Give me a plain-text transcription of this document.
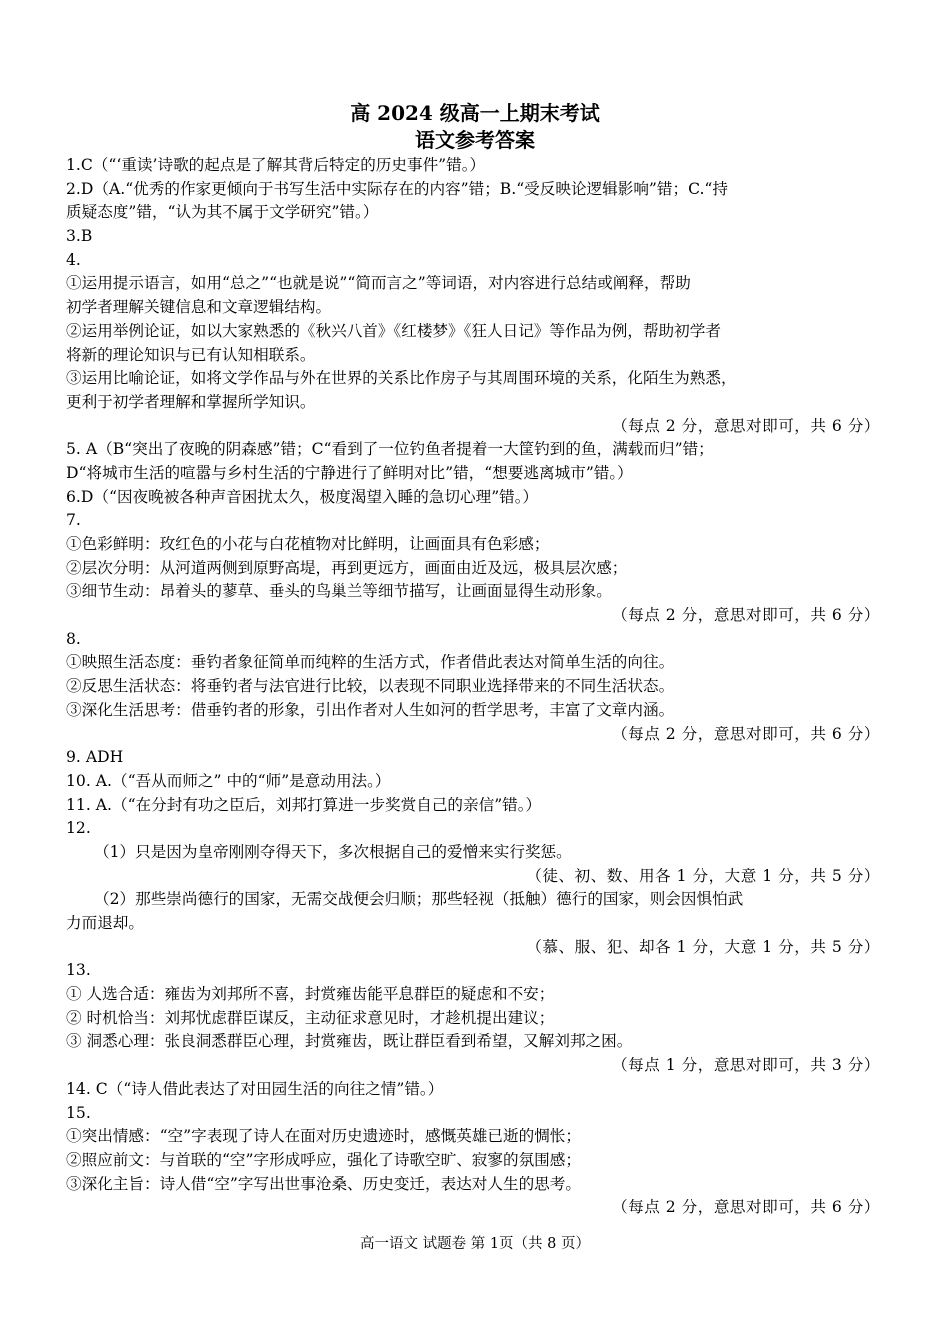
高 2024 级高一上期末考试
语文参考答案
1.C（“‘重读’诗歌的起点是了解其背后特定的历史事件”错。）
2.D（A.“优秀的作家更倾向于书写生活中实际存在的内容”错；B.“受反映论逻辑影响”错；C.“持
质疑态度”错，“认为其不属于文学研究”错。）
3.B
4.
①运用提示语言，如用“总之”“也就是说”“简而言之”等词语，对内容进行总结或阐释，帮助
初学者理解关键信息和文章逻辑结构。
②运用举例论证，如以大家熟悉的《秋兴八首》《红楼梦》《狂人日记》等作品为例，帮助初学者
将新的理论知识与已有认知相联系。
③运用比喻论证，如将文学作品与外在世界的关系比作房子与其周围环境的关系，化陌生为熟悉，
更利于初学者理解和掌握所学知识。
（每点 2 分，意思对即可，共 6 分）
5. A（B“突出了夜晚的阴森感”错；C“看到了一位钓鱼者提着一大筐钓到的鱼，满载而归”错；
D“将城市生活的喧嚣与乡村生活的宁静进行了鲜明对比”错，“想要逃离城市”错。）
6.D（“因夜晚被各种声音困扰太久，极度渴望入睡的急切心理”错。）
7.
①色彩鲜明：玫红色的小花与白花植物对比鲜明，让画面具有色彩感；
②层次分明：从河道两侧到原野高堤，再到更远方，画面由近及远，极具层次感；
③细节生动：昂着头的蓼草、垂头的鸟巢兰等细节描写，让画面显得生动形象。
（每点 2 分，意思对即可，共 6 分）
8.
①映照生活态度：垂钓者象征简单而纯粹的生活方式，作者借此表达对简单生活的向往。
②反思生活状态：将垂钓者与法官进行比较，以表现不同职业选择带来的不同生活状态。
③深化生活思考：借垂钓者的形象，引出作者对人生如河的哲学思考，丰富了文章内涵。
（每点 2 分，意思对即可，共 6 分）
9. ADH
10. A.（“吾从而师之” 中的“师”是意动用法。）
11. A.（“在分封有功之臣后，刘邦打算进一步奖赏自己的亲信”错。）
12.
（1）只是因为皇帝刚刚夺得天下，多次根据自己的爱憎来实行奖惩。
（徒、初、数、用各 1 分，大意 1 分，共 5 分）
（2）那些崇尚德行的国家，无需交战便会归顺；那些轻视（抵触）德行的国家，则会因惧怕武
力而退却。
（慕、服、犯、却各 1 分，大意 1 分，共 5 分）
13.
① 人选合适：雍齿为刘邦所不喜，封赏雍齿能平息群臣的疑虑和不安；
② 时机恰当：刘邦忧虑群臣谋反，主动征求意见时，才趁机提出建议；
③ 洞悉心理：张良洞悉群臣心理，封赏雍齿，既让群臣看到希望，又解刘邦之困。
（每点 1 分，意思对即可，共 3 分）
14. C（“诗人借此表达了对田园生活的向往之情”错。）
15.
①突出情感：“空”字表现了诗人在面对历史遗迹时，感慨英雄已逝的惆怅；
②照应前文：与首联的“空”字形成呼应，强化了诗歌空旷、寂寥的氛围感；
③深化主旨：诗人借“空”字写出世事沧桑、历史变迁，表达对人生的思考。
（每点 2 分，意思对即可，共 6 分）
高一语文 试题卷 第 1页（共 8 页）
